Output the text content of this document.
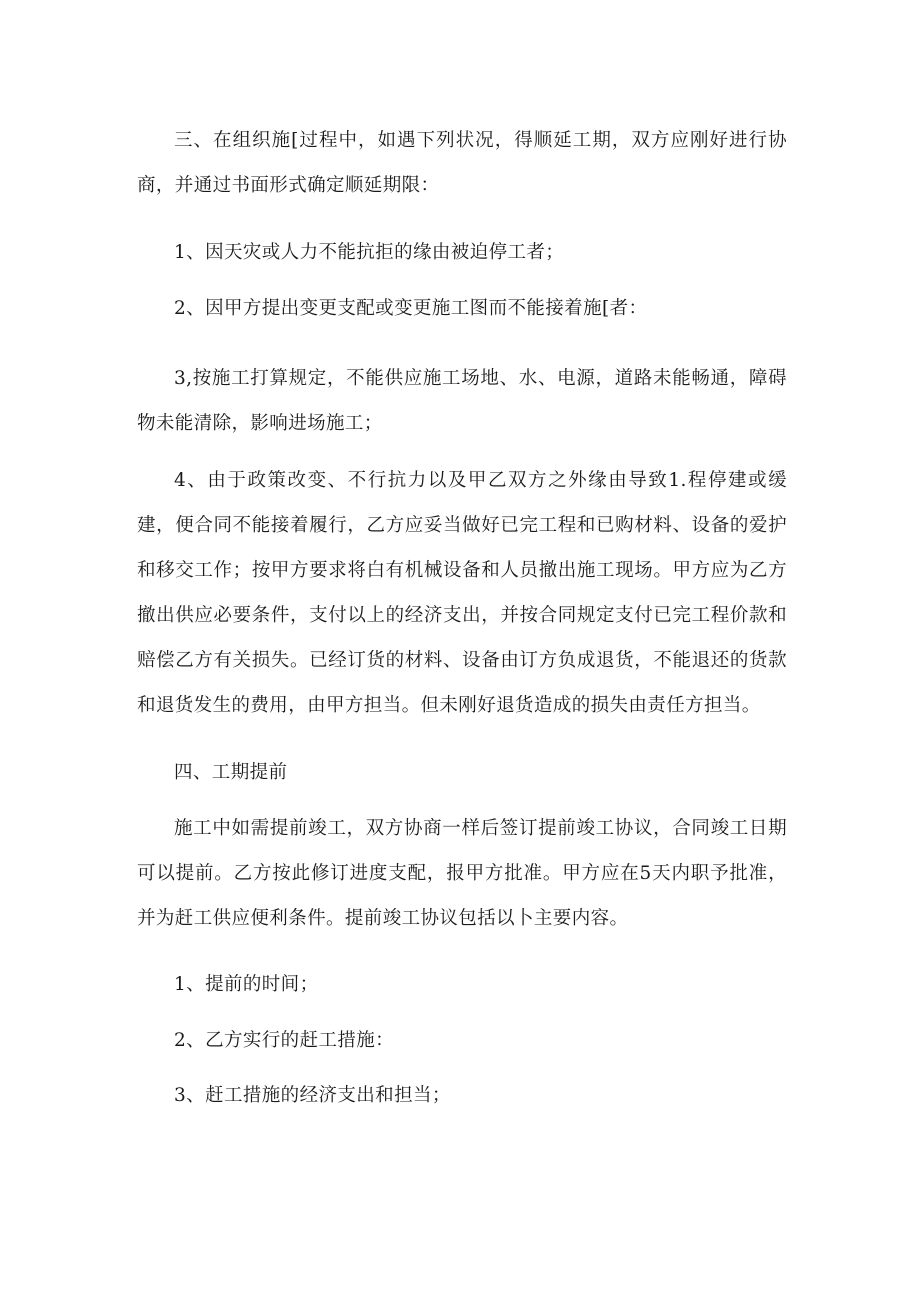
三、在组织施[过程中，如遇下列状况，得顺延工期，双方应刚好进行协商，并通过书面形式确定顺延期限：

1、因天灾或人力不能抗拒的缘由被迫停工者；

2、因甲方提出变更支配或变更施工图而不能接着施[者：

3,按施工打算规定，不能供应施工场地、水、电源，道路未能畅通，障碍物未能清除，影响进场施工；

4、由于政策改变、不行抗力以及甲乙双方之外缘由导致1.程停建或缓建，便合同不能接着履行，乙方应妥当做好已完工程和已购材料、设备的爱护和移交工作；按甲方要求将白有机械设备和人员撤出施工现场。甲方应为乙方撤出供应必要条件，支付以上的经济支出，并按合同规定支付已完工程价款和赔偿乙方有关损失。已经订货的材料、设备由订方负成退货，不能退还的货款和退货发生的费用，由甲方担当。但未刚好退货造成的损失由责任方担当。

四、工期提前

施工中如需提前竣工，双方协商一样后签订提前竣工协议，合同竣工日期可以提前。乙方按此修订进度支配，报甲方批准。甲方应在5天内职予批准，并为赶工供应便利条件。提前竣工协议包括以卜主要内容。

1、提前的时间；

2、乙方实行的赶工措施：

3、赶工措施的经济支出和担当；
